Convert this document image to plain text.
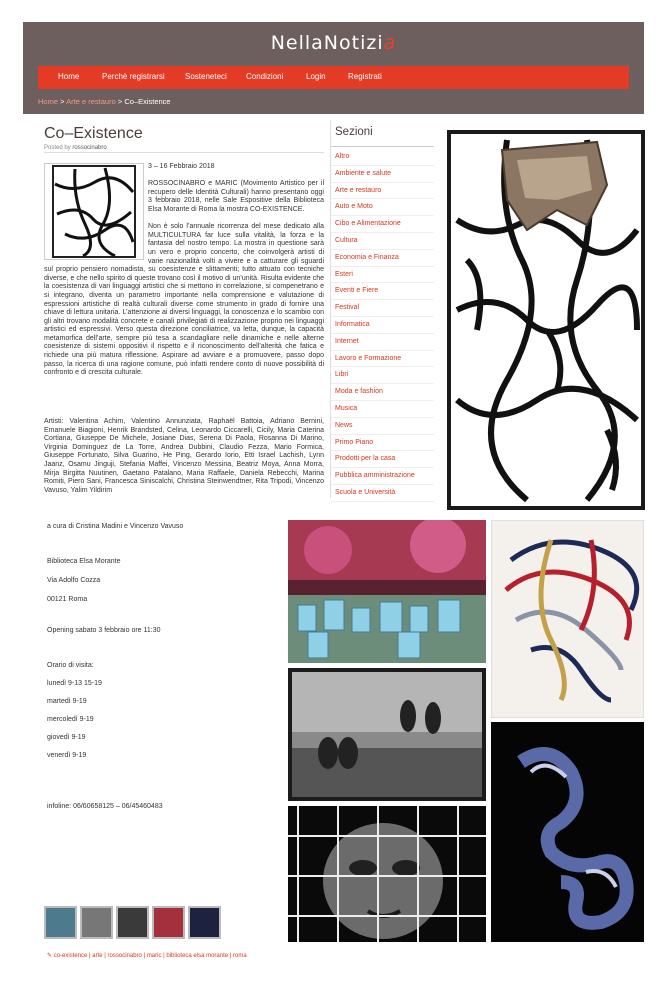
NellaNotizia
Home	Perchè registrarsi	Sosteneteci Condizioni	Login	Registrati
Home > Arte e restauro > Co–Existence
Co–Existence
Posted by rossocinabro

3 – 16 Febbraio 2018

ROSSOCINABRO e MARIC (Movimento Artistico per il recupero delle Identità Culturali) hanno presentano oggi 3 febbraio 2018, nelle Sale Espositive della Biblioteca Elsa Morante di Roma la mostra CO-EXISTENCE.

Non è solo l’annuale ricorrenza del mese dedicato alla MULTICULTURA far luce sulla vitalità, la forza e la fantasia del nostro tempo. La mostra in questione sarà un vero e proprio concerto, che coinvolgerà artisti di varie nazionalità volti a vivere e a catturare gli sguardi sul proprio pensiero nomadista, su coesistenze e slittamenti; tutto attuato con tecniche diverse, e che nello spirito di queste trovano così il motivo di un’unità. Risulta evidente che la coesistenza di vari linguaggi artistici che si mettono in correlazione, si compenetrano e si integrano, diventa un parametro importante nella comprensione e valutazione di espressioni artistiche di realtà culturali diverse come strumento in grado di fornire una chiave di lettura unitaria. L’attenzione ai diversi linguaggi, la conoscenza e lo scambio con gli altri trovano modalità concrete e canali privilegiati di realizzazione proprio nei linguaggi artistici ed espressivi. Verso questa direzione conciliatrice, va letta, dunque, la capacità metamorfica dell’arte, sempre più tesa a scandagliare nelle dinamiche e nelle alterne coesistenze di sistemi oppositivi il rispetto e il riconoscimento dell’alterità che fatica e richiede una più matura riflessione. Aspirare ad avviare e a promuovere, passo dopo passo, la ricerca di una ragione comune, può infatti rendere conto di nuove possibilità di confronto e di crescita culturale.

Artisti: Valentina Achim, Valentino Annunziata, Raphaël Battoia, Adriano Bernini, Emanuele Biagioni, Henrik Brandsted, Celina, Leonardo Ciccarelli, Cicily, Maria Caterina Cortiana, Giuseppe De Michele, Josiane Dias, Serena Di Paola, Rosanna Di Marino, Virginia Dominguez de La Torre, Andrea Dubbini, Claudio Fezza, Mario Formica, Giuseppe Fortunato, Silva Guarino, He Ping, Gerardo Iorio, Etti Israel Lachish, Lynn Jaanz, Osamu Jinguji, Stefania Maffei, Vincenzo Messina, Beatriz Moya, Anna Morra, Mirja Birgitta Nuutinen, Gaetano Patalano, Maria Raffaele, Daniela Rebecchi, Marina Romiti, Piero Sani, Francesca Siniscalchi, Christina Steinwendtner, Rita Tripodi, Vincenzo Vavuso, Yalim Yildirim
Sezioni
Altro
Ambiente e salute
Arte e restauro
Auto e Moto
Cibo e Alimentazione
Cultura
Economia e Finanza
Esteri
Eventi e Fiere
Festival
Informatica
Internet
Lavoro e Formazione
Libri
Moda e fashion
Musica
News
Primo Piano
Prodotti per la casa
Pubblica amministrazione
Scuola e Università
a cura di Cristina Madini e Vincenzo Vavuso
Biblioteca Elsa Morante
Via Adolfo Cozza
00121 Roma
Opening sabato 3 febbraio ore 11:30
Orario di visita:
lunedì 9-13 15-19
martedì 9-19
mercoledì 9-19
giovedì 9-19
venerdì 9-19
infoline: 06/60658125 – 06/45460483
✎ co-existence | arte | rossocinabro | maric | biblioteca elsa morante | roma
